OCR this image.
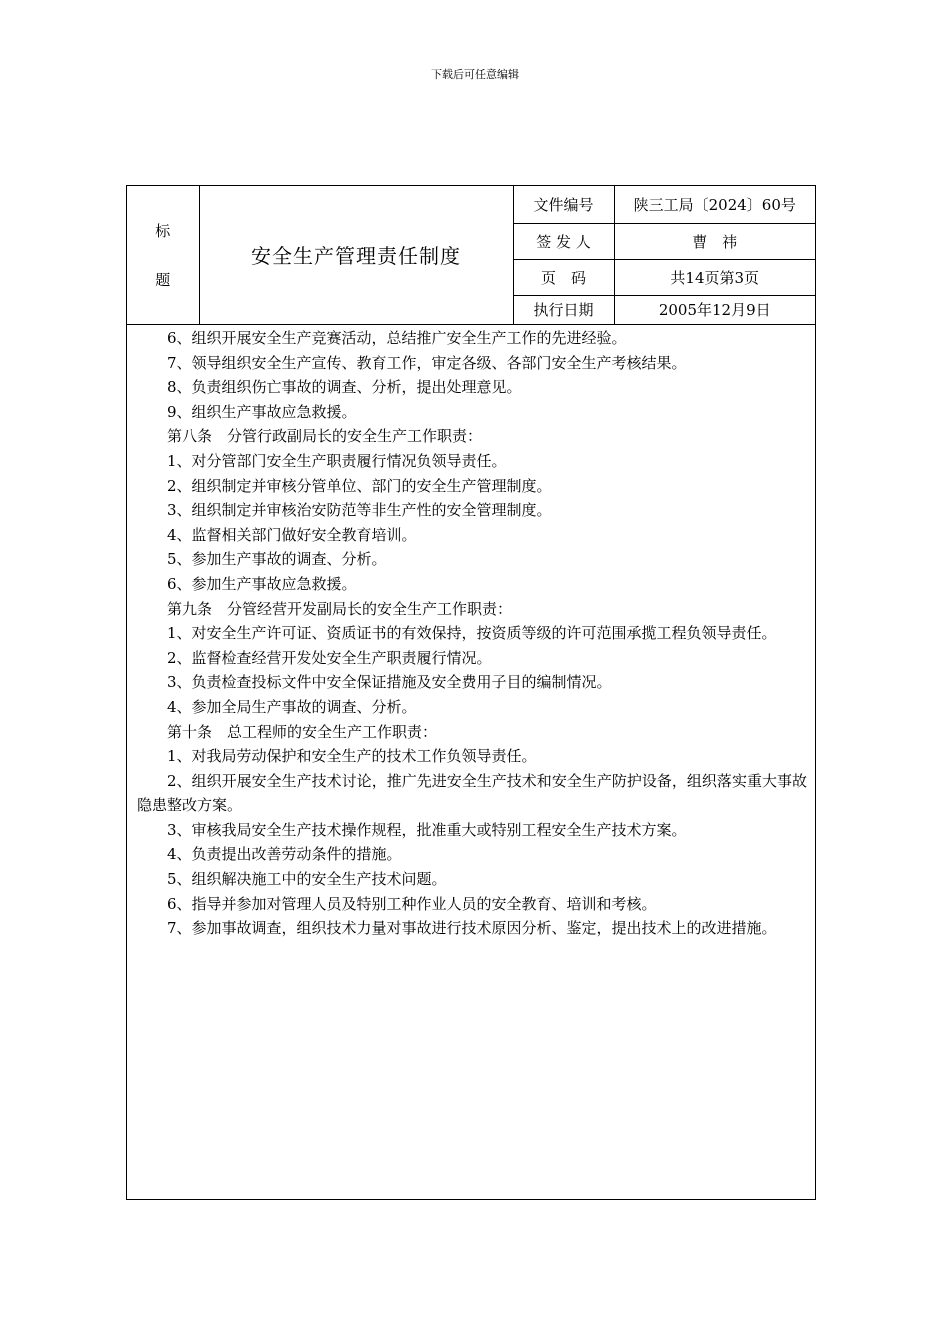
下载后可任意编辑
标
题	安全生产管理责任制度	文件编号	陕三工局〔2024〕60号
		签 发 人	曹　祎
		页　码	共14页第3页
		执行日期	2005年12月9日

6、组织开展安全生产竞赛活动，总结推广安全生产工作的先进经验。

7、领导组织安全生产宣传、教育工作，审定各级、各部门安全生产考核结果。

8、负责组织伤亡事故的调查、分析，提出处理意见。

9、组织生产事故应急救援。

第八条　分管行政副局长的安全生产工作职责：

1、对分管部门安全生产职责履行情况负领导责任。

2、组织制定并审核分管单位、部门的安全生产管理制度。

3、组织制定并审核治安防范等非生产性的安全管理制度。

4、监督相关部门做好安全教育培训。

5、参加生产事故的调查、分析。

6、参加生产事故应急救援。

第九条　分管经营开发副局长的安全生产工作职责：

1、对安全生产许可证、资质证书的有效保持，按资质等级的许可范围承揽工程负领导责任。

2、监督检查经营开发处安全生产职责履行情况。

3、负责检查投标文件中安全保证措施及安全费用子目的编制情况。

4、参加全局生产事故的调查、分析。

第十条　总工程师的安全生产工作职责：

1、对我局劳动保护和安全生产的技术工作负领导责任。

2、组织开展安全生产技术讨论，推广先进安全生产技术和安全生产防护设备，组织落实重大事故隐患整改方案。

3、审核我局安全生产技术操作规程，批准重大或特别工程安全生产技术方案。

4、负责提出改善劳动条件的措施。

5、组织解决施工中的安全生产技术问题。

6、指导并参加对管理人员及特别工种作业人员的安全教育、培训和考核。

7、参加事故调查，组织技术力量对事故进行技术原因分析、鉴定，提出技术上的改进措施。
